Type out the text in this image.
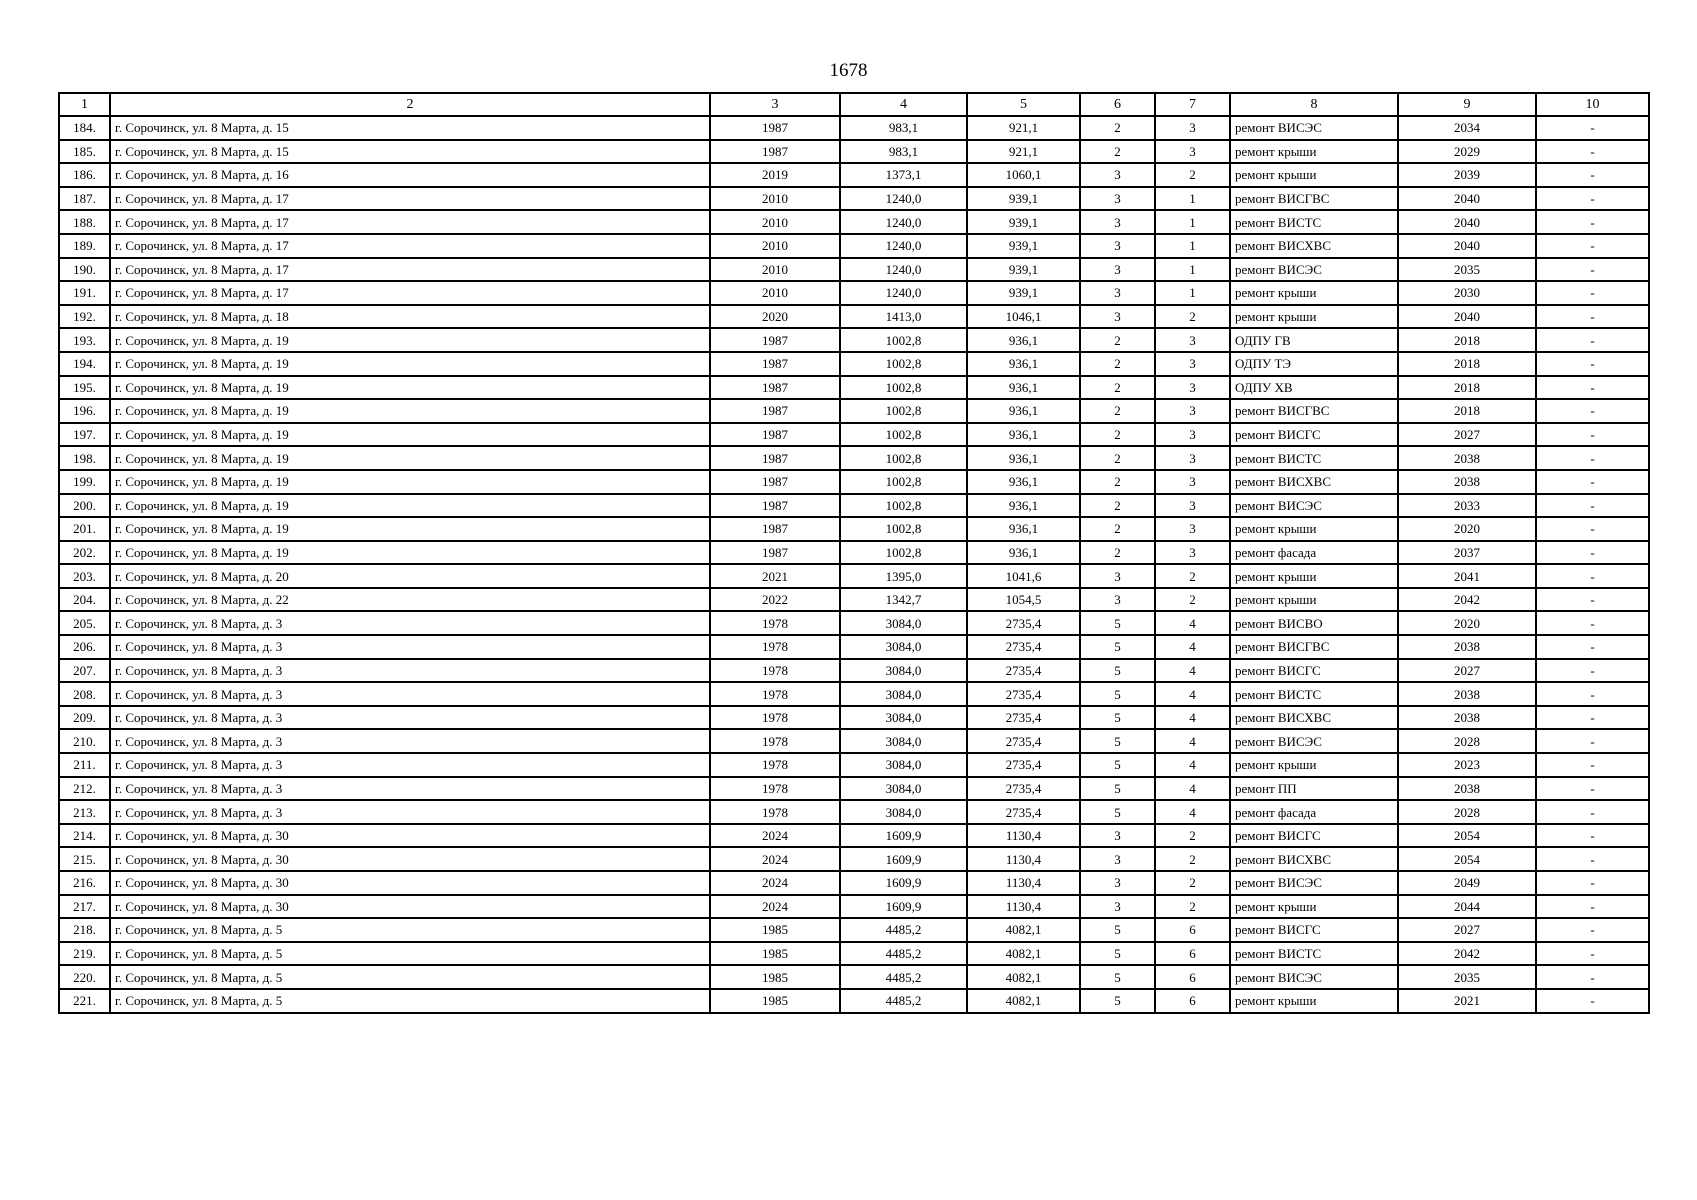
1678
1	2	3	4	5	6	7	8	9	10
184.	г. Сорочинск, ул. 8 Марта, д. 15	1987	983,1	921,1	2	3	ремонт ВИСЭС	2034	-
185.	г. Сорочинск, ул. 8 Марта, д. 15	1987	983,1	921,1	2	3	ремонт крыши	2029	-
186.	г. Сорочинск, ул. 8 Марта, д. 16	2019	1373,1	1060,1	3	2	ремонт крыши	2039	-
187.	г. Сорочинск, ул. 8 Марта, д. 17	2010	1240,0	939,1	3	1	ремонт ВИСГВС	2040	-
188.	г. Сорочинск, ул. 8 Марта, д. 17	2010	1240,0	939,1	3	1	ремонт ВИСТС	2040	-
189.	г. Сорочинск, ул. 8 Марта, д. 17	2010	1240,0	939,1	3	1	ремонт ВИСХВС	2040	-
190.	г. Сорочинск, ул. 8 Марта, д. 17	2010	1240,0	939,1	3	1	ремонт ВИСЭС	2035	-
191.	г. Сорочинск, ул. 8 Марта, д. 17	2010	1240,0	939,1	3	1	ремонт крыши	2030	-
192.	г. Сорочинск, ул. 8 Марта, д. 18	2020	1413,0	1046,1	3	2	ремонт крыши	2040	-
193.	г. Сорочинск, ул. 8 Марта, д. 19	1987	1002,8	936,1	2	3	ОДПУ ГВ	2018	-
194.	г. Сорочинск, ул. 8 Марта, д. 19	1987	1002,8	936,1	2	3	ОДПУ ТЭ	2018	-
195.	г. Сорочинск, ул. 8 Марта, д. 19	1987	1002,8	936,1	2	3	ОДПУ ХВ	2018	-
196.	г. Сорочинск, ул. 8 Марта, д. 19	1987	1002,8	936,1	2	3	ремонт ВИСГВС	2018	-
197.	г. Сорочинск, ул. 8 Марта, д. 19	1987	1002,8	936,1	2	3	ремонт ВИСГС	2027	-
198.	г. Сорочинск, ул. 8 Марта, д. 19	1987	1002,8	936,1	2	3	ремонт ВИСТС	2038	-
199.	г. Сорочинск, ул. 8 Марта, д. 19	1987	1002,8	936,1	2	3	ремонт ВИСХВС	2038	-
200.	г. Сорочинск, ул. 8 Марта, д. 19	1987	1002,8	936,1	2	3	ремонт ВИСЭС	2033	-
201.	г. Сорочинск, ул. 8 Марта, д. 19	1987	1002,8	936,1	2	3	ремонт крыши	2020	-
202.	г. Сорочинск, ул. 8 Марта, д. 19	1987	1002,8	936,1	2	3	ремонт фасада	2037	-
203.	г. Сорочинск, ул. 8 Марта, д. 20	2021	1395,0	1041,6	3	2	ремонт крыши	2041	-
204.	г. Сорочинск, ул. 8 Марта, д. 22	2022	1342,7	1054,5	3	2	ремонт крыши	2042	-
205.	г. Сорочинск, ул. 8 Марта, д. 3	1978	3084,0	2735,4	5	4	ремонт ВИСВО	2020	-
206.	г. Сорочинск, ул. 8 Марта, д. 3	1978	3084,0	2735,4	5	4	ремонт ВИСГВС	2038	-
207.	г. Сорочинск, ул. 8 Марта, д. 3	1978	3084,0	2735,4	5	4	ремонт ВИСГС	2027	-
208.	г. Сорочинск, ул. 8 Марта, д. 3	1978	3084,0	2735,4	5	4	ремонт ВИСТС	2038	-
209.	г. Сорочинск, ул. 8 Марта, д. 3	1978	3084,0	2735,4	5	4	ремонт ВИСХВС	2038	-
210.	г. Сорочинск, ул. 8 Марта, д. 3	1978	3084,0	2735,4	5	4	ремонт ВИСЭС	2028	-
211.	г. Сорочинск, ул. 8 Марта, д. 3	1978	3084,0	2735,4	5	4	ремонт крыши	2023	-
212.	г. Сорочинск, ул. 8 Марта, д. 3	1978	3084,0	2735,4	5	4	ремонт ПП	2038	-
213.	г. Сорочинск, ул. 8 Марта, д. 3	1978	3084,0	2735,4	5	4	ремонт фасада	2028	-
214.	г. Сорочинск, ул. 8 Марта, д. 30	2024	1609,9	1130,4	3	2	ремонт ВИСГС	2054	-
215.	г. Сорочинск, ул. 8 Марта, д. 30	2024	1609,9	1130,4	3	2	ремонт ВИСХВС	2054	-
216.	г. Сорочинск, ул. 8 Марта, д. 30	2024	1609,9	1130,4	3	2	ремонт ВИСЭС	2049	-
217.	г. Сорочинск, ул. 8 Марта, д. 30	2024	1609,9	1130,4	3	2	ремонт крыши	2044	-
218.	г. Сорочинск, ул. 8 Марта, д. 5	1985	4485,2	4082,1	5	6	ремонт ВИСГС	2027	-
219.	г. Сорочинск, ул. 8 Марта, д. 5	1985	4485,2	4082,1	5	6	ремонт ВИСТС	2042	-
220.	г. Сорочинск, ул. 8 Марта, д. 5	1985	4485,2	4082,1	5	6	ремонт ВИСЭС	2035	-
221.	г. Сорочинск, ул. 8 Марта, д. 5	1985	4485,2	4082,1	5	6	ремонт крыши	2021	-
